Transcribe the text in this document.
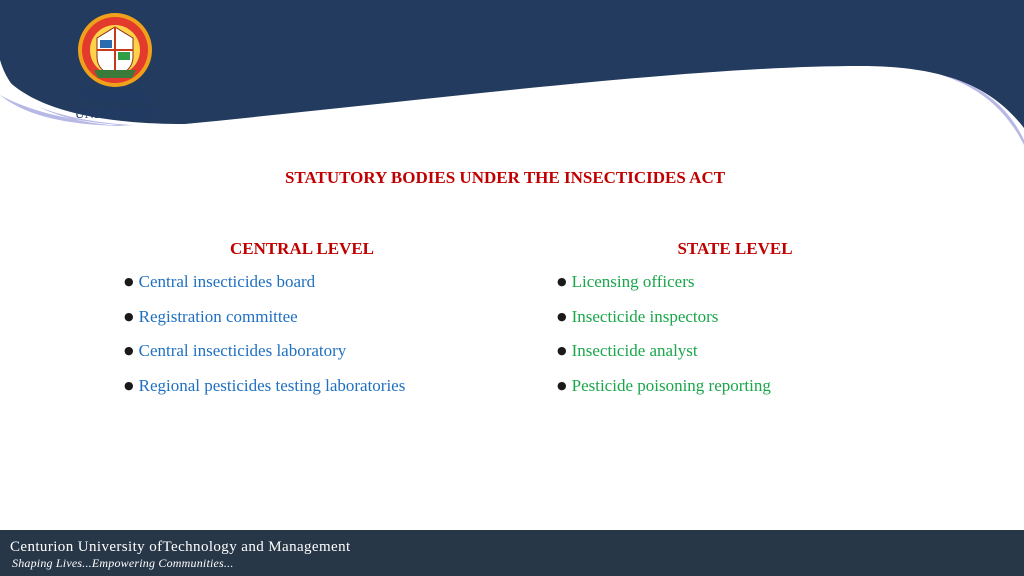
Centurion
UNIVERSITY
STATUTORY BODIES UNDER THE INSECTICIDES ACT
CENTRAL LEVEL
● Central insecticides board
● Registration committee
● Central insecticides laboratory
● Regional pesticides testing laboratories
STATE LEVEL
● Licensing officers
● Insecticide inspectors
● Insecticide analyst
● Pesticide poisoning reporting
Centurion University ofTechnology and Management
Shaping Lives...Empowering Communities...
